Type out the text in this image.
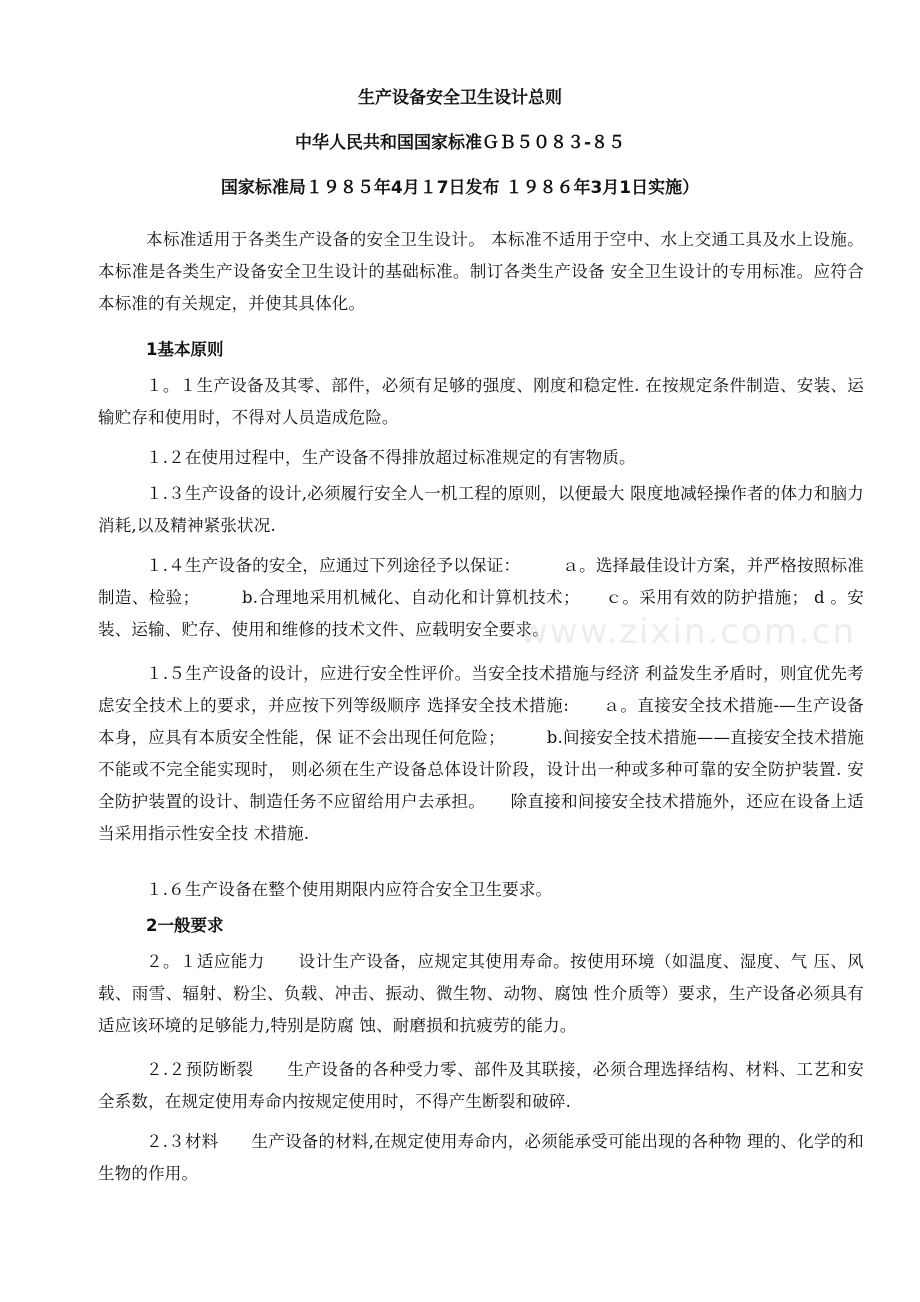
生产设备安全卫生设计总则
中华人民共和国国家标准ＧＢ５０８３-８５
国家标准局１９８５年4月１7日发布 １９８６年3月1日实施）
本标准适用于各类生产设备的安全卫生设计。 本标准不适用于空中、水上交通工具及水上设施。本标准是各类生产设备安全卫生设计的基础标准。制订各类生产设备 安全卫生设计的专用标准。应符合本标准的有关规定，并使其具体化。
1基本原则
１。１生产设备及其零、部件，必须有足够的强度、刚度和稳定性. 在按规定条件制造、安装、运输贮存和使用时，不得对人员造成危险。
１.２在使用过程中，生产设备不得排放超过标准规定的有害物质。
１.３生产设备的设计,必须履行安全人一机工程的原则，以便最大 限度地减轻操作者的体力和脑力消耗,以及精神紧张状况.
１.４生产设备的安全，应通过下列途径予以保证：　　　ａ。选择最佳设计方案，并严格按照标准制造、检验；　　　b.合理地采用机械化、自动化和计算机技术；　　ｃ。采用有效的防护措施； d 。安装、运输、贮存、使用和维修的技术文件、应载明安全要求。
１.５生产设备的设计，应进行安全性评价。当安全技术措施与经济 利益发生矛盾时，则宜优先考虑安全技术上的要求，并应按下列等级顺序 选择安全技术措施:　　ａ。直接安全技术措施-—生产设备本身，应具有本质安全性能，保 证不会出现任何危险；　　　b.间接安全技术措施——直接安全技术措施不能或不完全能实现时， 则必须在生产设备总体设计阶段，设计出一种或多种可靠的安全防护装置. 安全防护装置的设计、制造任务不应留给用户去承担。　　除直接和间接安全技术措施外，还应在设备上适当采用指示性安全技 术措施.
１.６生产设备在整个使用期限内应符合安全卫生要求。
2一般要求
２。１适应能力　　设计生产设备，应规定其使用寿命。按使用环境（如温度、湿度、气 压、风载、雨雪、辐射、粉尘、负载、冲击、振动、微生物、动物、腐蚀 性介质等）要求，生产设备必须具有适应该环境的足够能力,特别是防腐 蚀、耐磨损和抗疲劳的能力。
２.２预防断裂　　生产设备的各种受力零、部件及其联接，必须合理选择结构、材料、工艺和安全系数，在规定使用寿命内按规定使用时，不得产生断裂和破碎.
２.３材料　　生产设备的材料,在规定使用寿命内，必须能承受可能出现的各种物 理的、化学的和生物的作用。
www.zixin.com.cn
